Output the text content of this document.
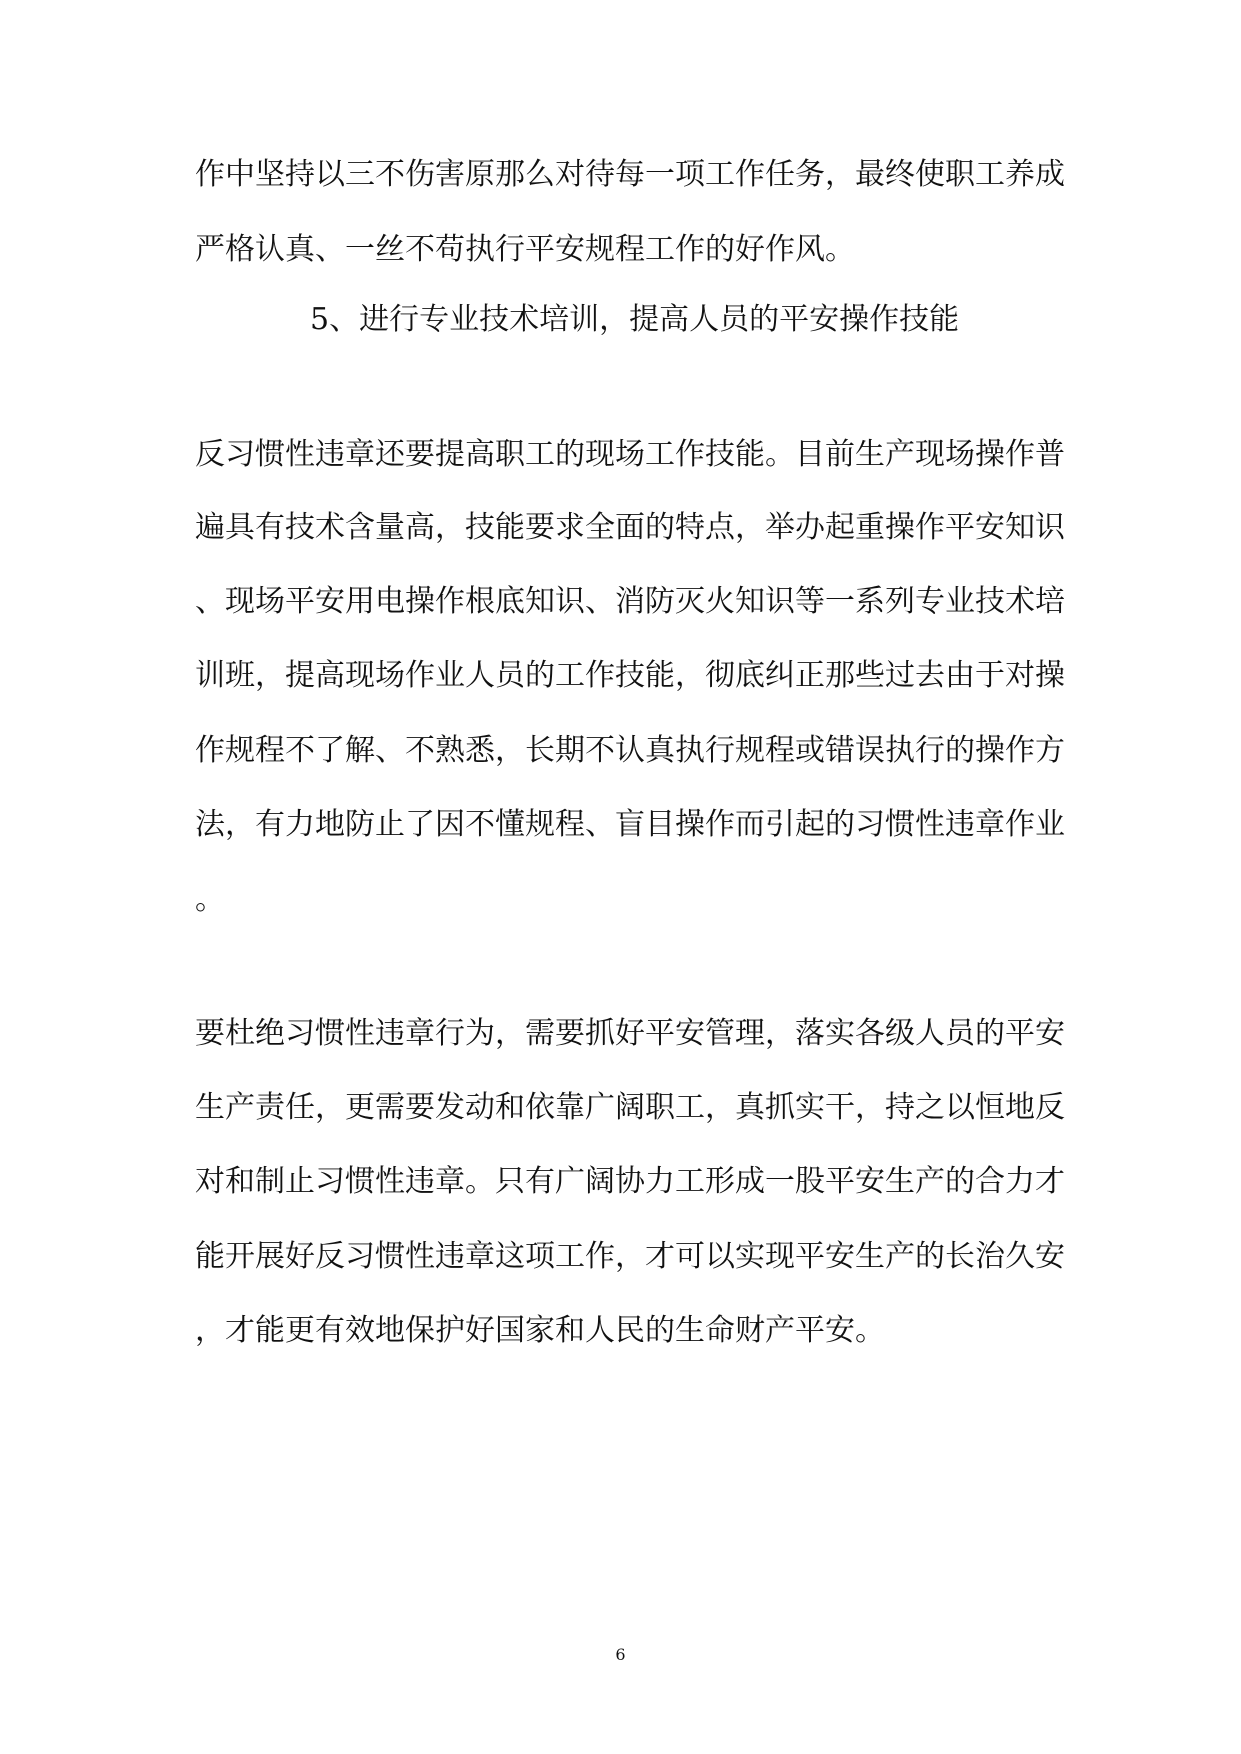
作中坚持以三不伤害原那么对待每一项工作任务，最终使职工养成
严格认真、一丝不苟执行平安规程工作的好作风。
5、进行专业技术培训，提高人员的平安操作技能
反习惯性违章还要提高职工的现场工作技能。目前生产现场操作普
遍具有技术含量高，技能要求全面的特点，举办起重操作平安知识
、现场平安用电操作根底知识、消防灭火知识等一系列专业技术培
训班，提高现场作业人员的工作技能，彻底纠正那些过去由于对操
作规程不了解、不熟悉，长期不认真执行规程或错误执行的操作方
法，有力地防止了因不懂规程、盲目操作而引起的习惯性违章作业
。
要杜绝习惯性违章行为，需要抓好平安管理，落实各级人员的平安
生产责任，更需要发动和依靠广阔职工，真抓实干，持之以恒地反
对和制止习惯性违章。只有广阔协力工形成一股平安生产的合力才
能开展好反习惯性违章这项工作，才可以实现平安生产的长治久安
，才能更有效地保护好国家和人民的生命财产平安。
6
